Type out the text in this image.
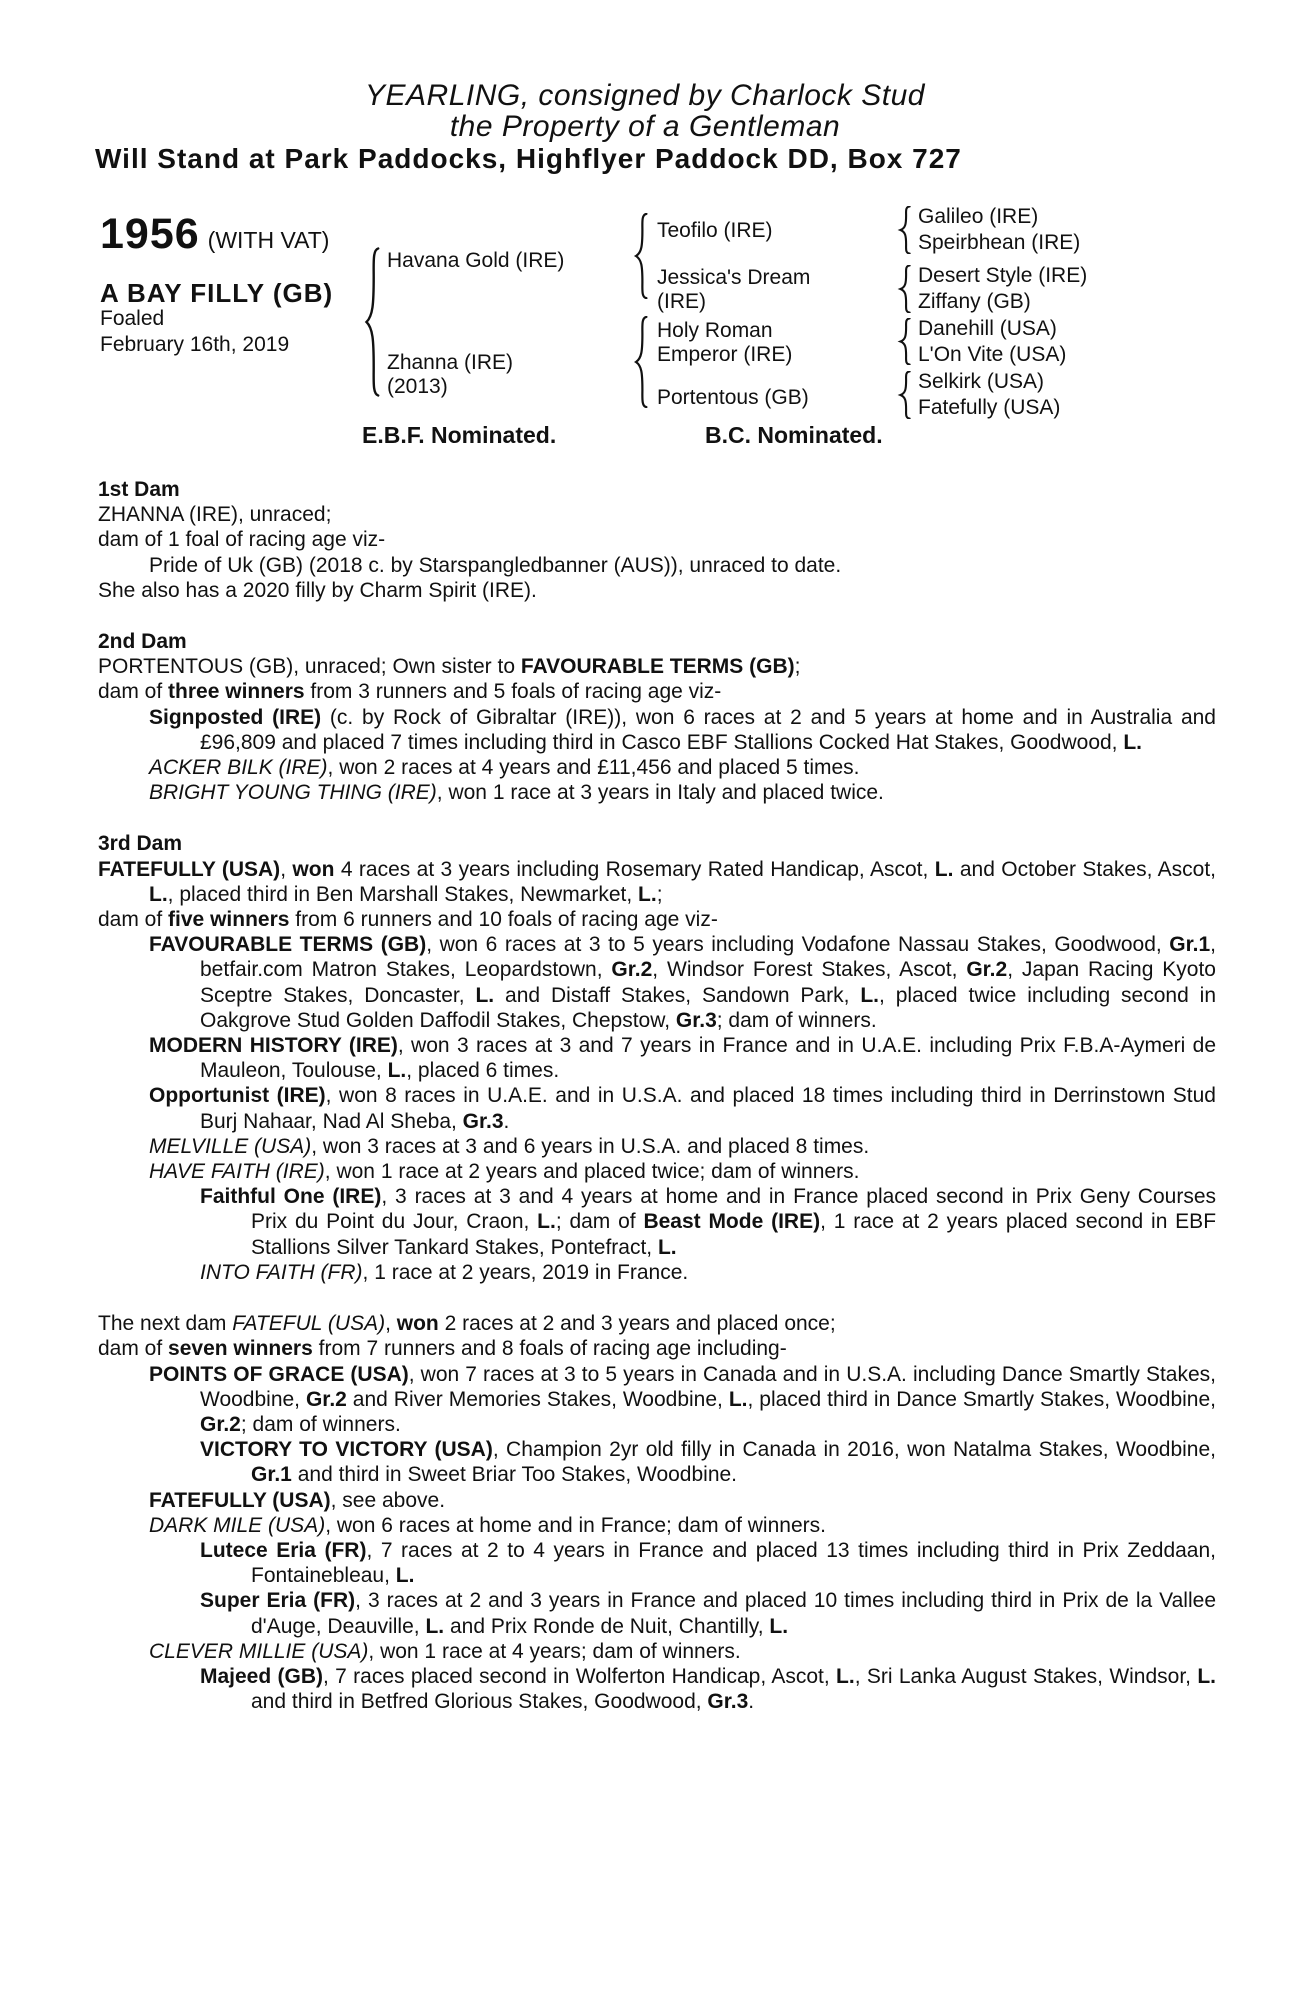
YEARLING, consigned by Charlock Stud
the Property of a Gentleman
Will Stand at Park Paddocks, Highflyer Paddock DD, Box 727
1956 (WITH VAT)
A BAY FILLY (GB)
Foaled
February 16th, 2019
Havana Gold (IRE)
Zhanna (IRE)
(2013)
Teofilo (IRE)
Jessica's Dream (IRE)
Holy Roman Emperor (IRE)
Portentous (GB)
Galileo (IRE)
Speirbhean (IRE)
Desert Style (IRE)
Ziffany (GB)
Danehill (USA)
L'On Vite (USA)
Selkirk (USA)
Fatefully (USA)
E.B.F. Nominated.	B.C. Nominated.
1st Dam
ZHANNA (IRE), unraced;
dam of 1 foal of racing age viz-
Pride of Uk (GB) (2018 c. by Starspangledbanner (AUS)), unraced to date.
She also has a 2020 filly by Charm Spirit (IRE).
2nd Dam
PORTENTOUS (GB), unraced; Own sister to FAVOURABLE TERMS (GB);
dam of three winners from 3 runners and 5 foals of racing age viz-
Signposted (IRE) (c. by Rock of Gibraltar (IRE)), won 6 races at 2 and 5 years at home and in Australia and £96,809 and placed 7 times including third in Casco EBF Stallions Cocked Hat Stakes, Goodwood, L.
ACKER BILK (IRE), won 2 races at 4 years and £11,456 and placed 5 times.
BRIGHT YOUNG THING (IRE), won 1 race at 3 years in Italy and placed twice.
3rd Dam
FATEFULLY (USA), won 4 races at 3 years including Rosemary Rated Handicap, Ascot, L. and October Stakes, Ascot, L., placed third in Ben Marshall Stakes, Newmarket, L.;
dam of five winners from 6 runners and 10 foals of racing age viz-
FAVOURABLE TERMS (GB), won 6 races at 3 to 5 years including Vodafone Nassau Stakes, Goodwood, Gr.1, betfair.com Matron Stakes, Leopardstown, Gr.2, Windsor Forest Stakes, Ascot, Gr.2, Japan Racing Kyoto Sceptre Stakes, Doncaster, L. and Distaff Stakes, Sandown Park, L., placed twice including second in Oakgrove Stud Golden Daffodil Stakes, Chepstow, Gr.3; dam of winners.
MODERN HISTORY (IRE), won 3 races at 3 and 7 years in France and in U.A.E. including Prix F.B.A-Aymeri de Mauleon, Toulouse, L., placed 6 times.
Opportunist (IRE), won 8 races in U.A.E. and in U.S.A. and placed 18 times including third in Derrinstown Stud Burj Nahaar, Nad Al Sheba, Gr.3.
MELVILLE (USA), won 3 races at 3 and 6 years in U.S.A. and placed 8 times.
HAVE FAITH (IRE), won 1 race at 2 years and placed twice; dam of winners.
Faithful One (IRE), 3 races at 3 and 4 years at home and in France placed second in Prix Geny Courses Prix du Point du Jour, Craon, L.; dam of Beast Mode (IRE), 1 race at 2 years placed second in EBF Stallions Silver Tankard Stakes, Pontefract, L.
INTO FAITH (FR), 1 race at 2 years, 2019 in France.
The next dam FATEFUL (USA), won 2 races at 2 and 3 years and placed once;
dam of seven winners from 7 runners and 8 foals of racing age including-
POINTS OF GRACE (USA), won 7 races at 3 to 5 years in Canada and in U.S.A. including Dance Smartly Stakes, Woodbine, Gr.2 and River Memories Stakes, Woodbine, L., placed third in Dance Smartly Stakes, Woodbine, Gr.2; dam of winners.
VICTORY TO VICTORY (USA), Champion 2yr old filly in Canada in 2016, won Natalma Stakes, Woodbine, Gr.1 and third in Sweet Briar Too Stakes, Woodbine.
FATEFULLY (USA), see above.
DARK MILE (USA), won 6 races at home and in France; dam of winners.
Lutece Eria (FR), 7 races at 2 to 4 years in France and placed 13 times including third in Prix Zeddaan, Fontainebleau, L.
Super Eria (FR), 3 races at 2 and 3 years in France and placed 10 times including third in Prix de la Vallee d'Auge, Deauville, L. and Prix Ronde de Nuit, Chantilly, L.
CLEVER MILLIE (USA), won 1 race at 4 years; dam of winners.
Majeed (GB), 7 races placed second in Wolferton Handicap, Ascot, L., Sri Lanka August Stakes, Windsor, L. and third in Betfred Glorious Stakes, Goodwood, Gr.3.
